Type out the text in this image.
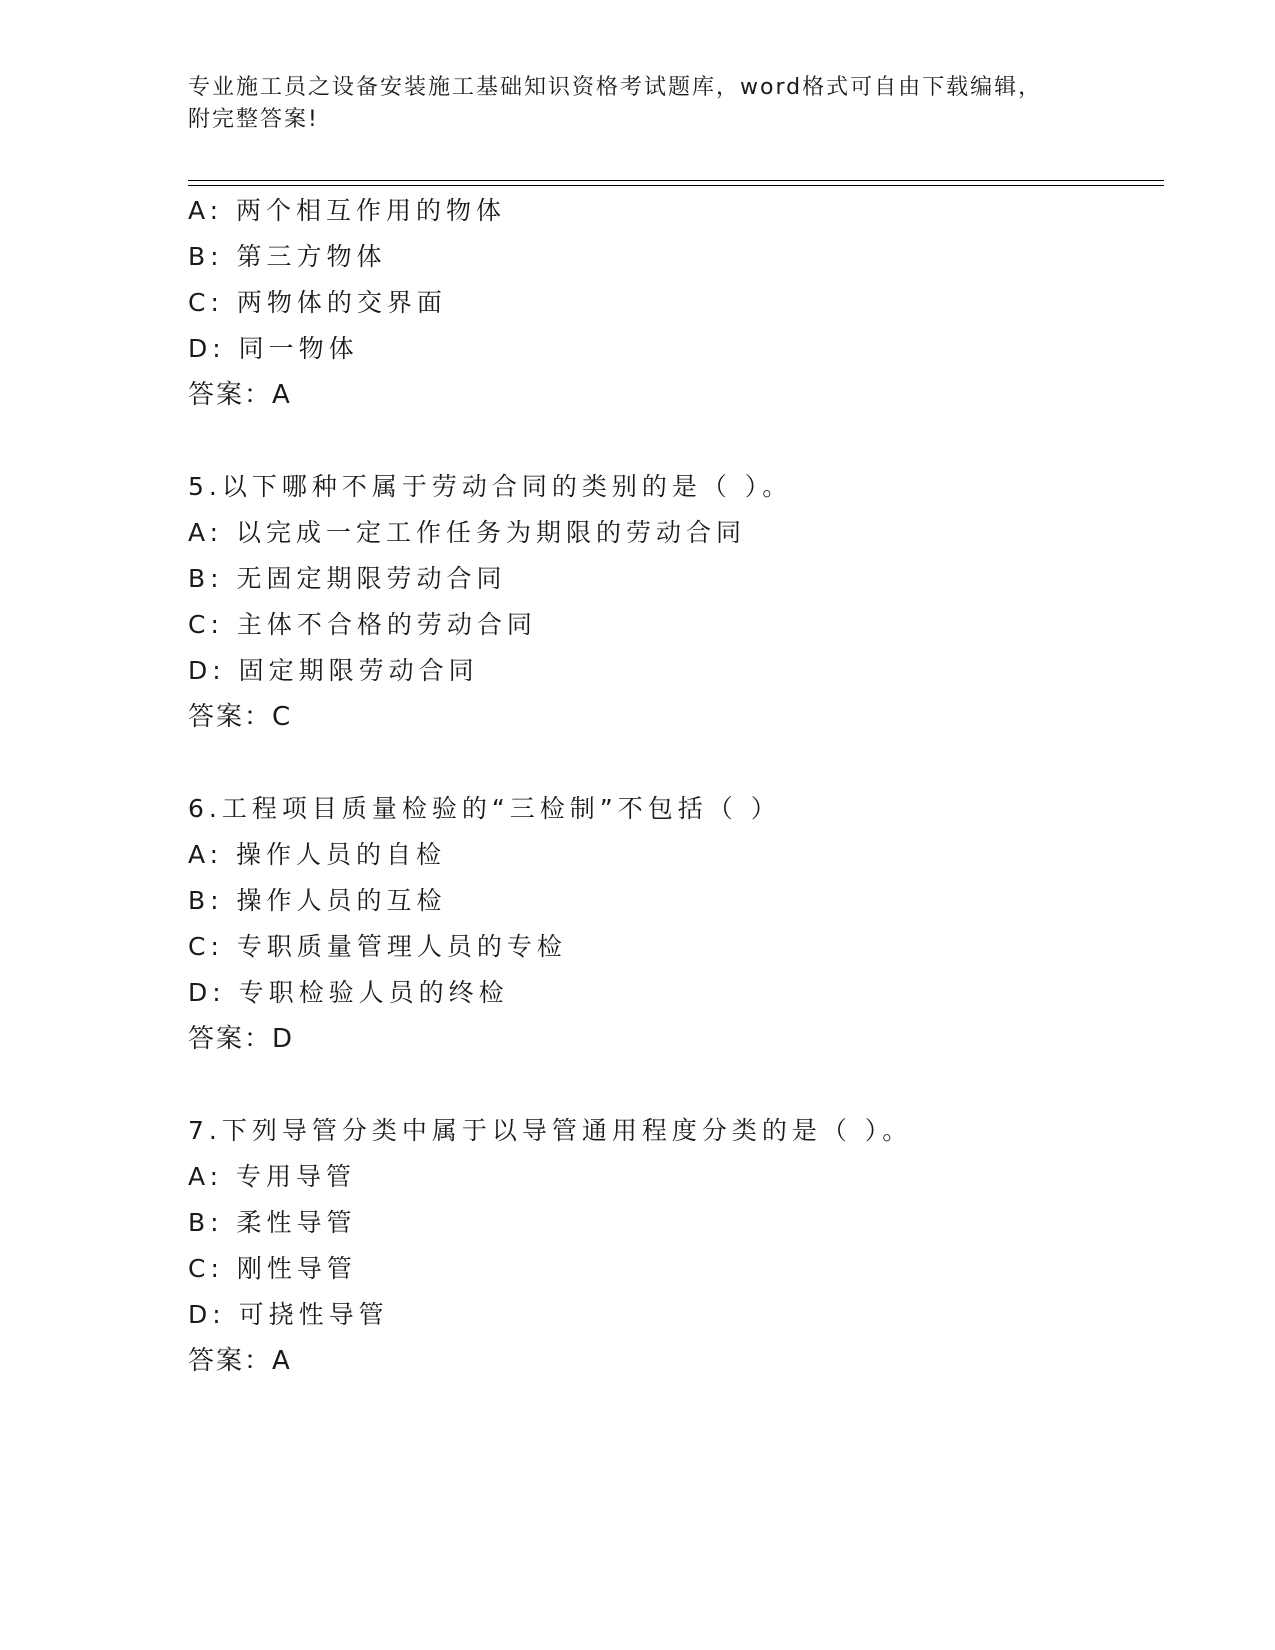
专业施工员之设备安装施工基础知识资格考试题库，word格式可自由下载编辑，
附完整答案!
A: 两个相互作用的物体
B: 第三方物体
C: 两物体的交界面
D: 同一物体
答案：A
5.以下哪种不属于劳动合同的类别的是（ ）。
A: 以完成一定工作任务为期限的劳动合同
B: 无固定期限劳动合同
C: 主体不合格的劳动合同
D: 固定期限劳动合同
答案：C
6.工程项目质量检验的“三检制”不包括（ ）
A: 操作人员的自检
B: 操作人员的互检
C: 专职质量管理人员的专检
D: 专职检验人员的终检
答案：D
7.下列导管分类中属于以导管通用程度分类的是（ ）。
A: 专用导管
B: 柔性导管
C: 刚性导管
D: 可挠性导管
答案：A
